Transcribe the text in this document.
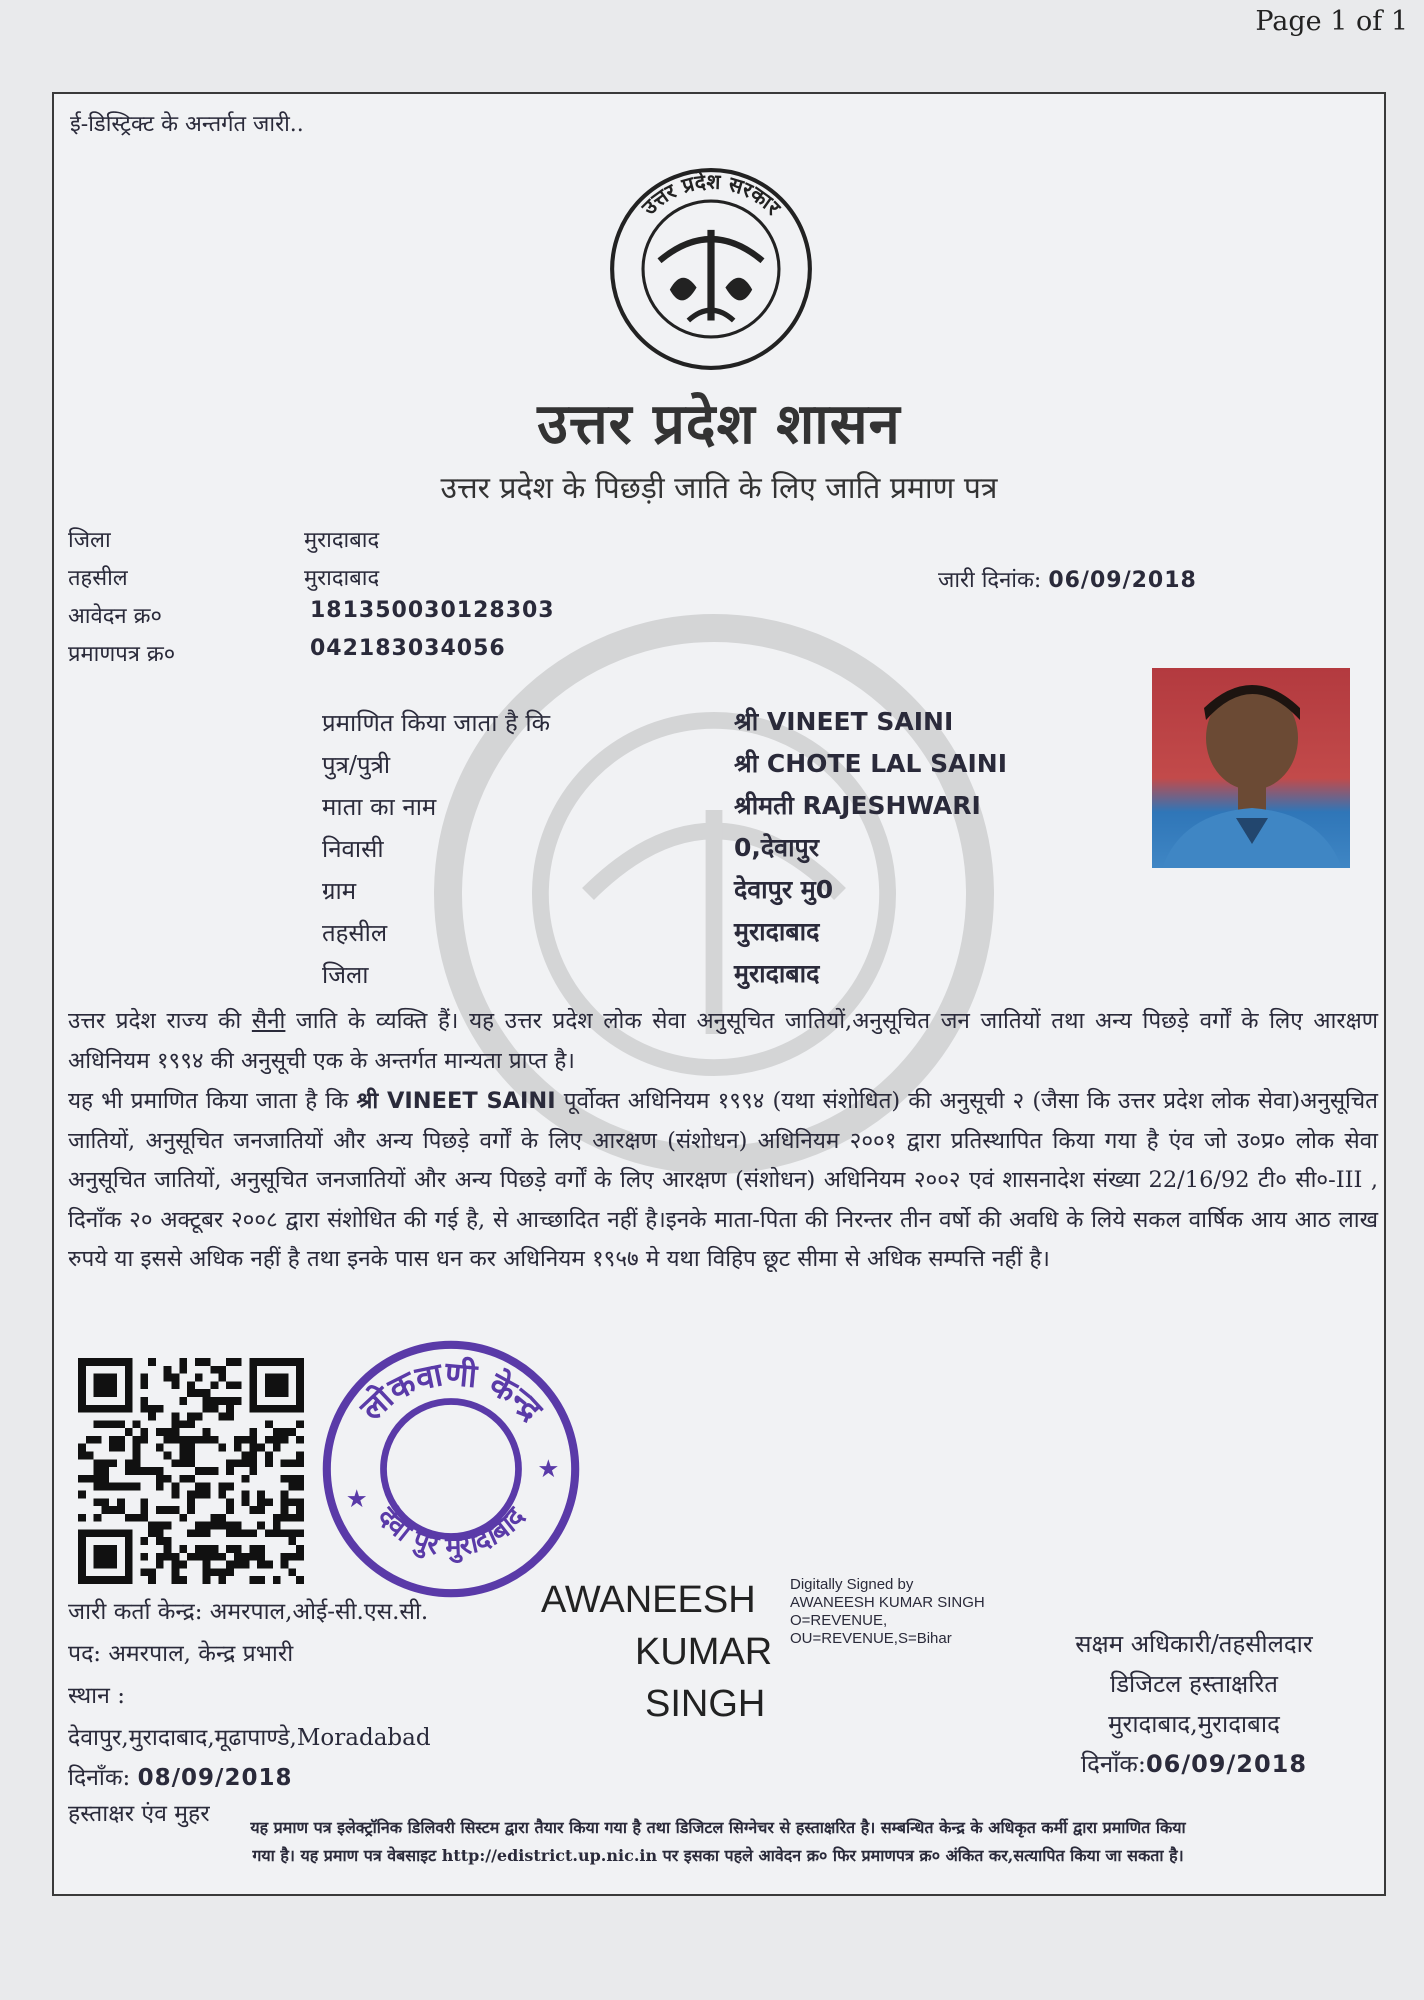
Page 1 of 1
ई-डिस्ट्रिक्ट के अन्तर्गत जारी..
उत्तर प्रदेश सरकार
उत्तर प्रदेश शासन
उत्तर प्रदेश के पिछड़ी जाति के लिए जाति प्रमाण पत्र
जिला	मुरादाबाद
तहसील	मुरादाबाद
आवेदन क्र०	181350030128303
प्रमाणपत्र क्र०	042183034056
जारी दिनांक: 06/09/2018
प्रमाणित किया जाता है कि	श्री VINEET SAINI
पुत्र/पुत्री	श्री CHOTE LAL SAINI
माता का नाम	श्रीमती RAJESHWARI
निवासी	0,देवापुर
ग्राम	देवापुर मु0
तहसील	मुरादाबाद
जिला	मुरादाबाद
उत्तर प्रदेश राज्य की सैनी जाति के व्यक्ति हैं। यह उत्तर प्रदेश लोक सेवा अनुसूचित जातियों,अनुसूचित जन जातियों तथा अन्य पिछड़े वर्गों के लिए आरक्षण अधिनियम १९९४ की अनुसूची एक के अन्तर्गत मान्यता प्राप्त है।
यह भी प्रमाणित किया जाता है कि श्री VINEET SAINI पूर्वोक्त अधिनियम १९९४ (यथा संशोधित) की अनुसूची २ (जैसा कि उत्तर प्रदेश लोक सेवा)अनुसूचित जातियों, अनुसूचित जनजातियों और अन्य पिछड़े वर्गों के लिए आरक्षण (संशोधन) अधिनियम २००१ द्वारा प्रतिस्थापित किया गया है एंव जो उ०प्र० लोक सेवा अनुसूचित जातियों, अनुसूचित जनजातियों और अन्य पिछड़े वर्गों के लिए आरक्षण (संशोधन) अधिनियम २००२ एवं शासनादेश संख्या 22/16/92 टी० सी०-III , दिनाँक २० अक्टूबर २००८ द्वारा संशोधित की गई है, से आच्छादित नहीं है।इनके माता-पिता की निरन्तर तीन वर्षो की अवधि के लिये सकल वार्षिक आय आठ लाख रुपये या इससे अधिक नहीं है तथा इनके पास धन कर अधिनियम १९५७ मे यथा विहिप छूट सीमा से अधिक सम्पत्ति नहीं है।
लोकवाणी केन्द्र
देवा पुर मुरादाबाद
★
★
जारी कर्ता केन्द्र: अमरपाल,ओई-सी.एस.सी.
पद: अमरपाल, केन्द्र प्रभारी
स्थान :
देवापुर,मुरादाबाद,मूढापाण्डे,Moradabad
दिनाँक: 08/09/2018
हस्ताक्षर एंव मुहर
AWANEESH
KUMAR
SINGH
Digitally Signed by AWANEESH KUMAR SINGH O=REVENUE, OU=REVENUE,S=Bihar	सक्षम अधिकारी/तहसीलदार
डिजिटल हस्ताक्षरित
मुरादाबाद,मुरादाबाद
दिनाँक:06/09/2018
यह प्रमाण पत्र इलेक्ट्रॉनिक डिलिवरी सिस्टम द्वारा तैयार किया गया है तथा डिजिटल सिग्नेचर से हस्ताक्षरित है। सम्बन्धित केन्द्र के अधिकृत कर्मी द्वारा प्रमाणित किया
गया है। यह प्रमाण पत्र वेबसाइट http://edistrict.up.nic.in पर इसका पहले आवेदन क्र० फिर प्रमाणपत्र क्र० अंकित कर,सत्यापित किया जा सकता है।
